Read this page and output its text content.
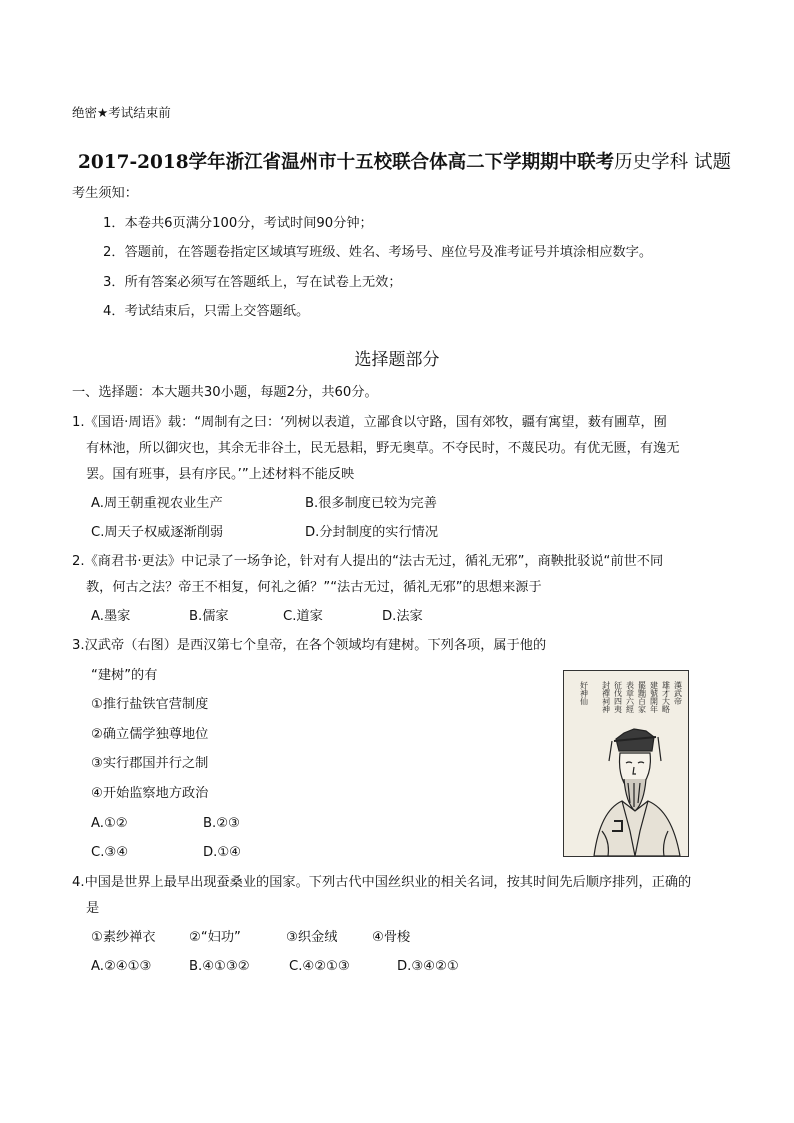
绝密★考试结束前
2017-2018学年浙江省温州市十五校联合体高二下学期期中联考历史学科 试题
考生须知：
1．本卷共6页满分100分，考试时间90分钟；
2．答题前，在答题卷指定区域填写班级、姓名、考场号、座位号及准考证号并填涂相应数字。
3．所有答案必须写在答题纸上，写在试卷上无效；
4．考试结束后，只需上交答题纸。
选择题部分
一、选择题：本大题共30小题，每题2分，共60分。
1.《国语·周语》载：“周制有之曰：‘列树以表道，立鄙食以守路，国有郊牧，疆有寓望，薮有圃草，囿
有林池，所以御灾也，其余无非谷土，民无悬耜，野无奥草。不夺民时，不蔑民功。有优无匮，有逸无
罢。国有班事，县有序民。’”上述材料不能反映
A.周王朝重视农业生产	B.很多制度已较为完善
C.周天子权威逐渐削弱	D.分封制度的实行情况
2.《商君书·更法》中记录了一场争论，针对有人提出的“法古无过，循礼无邪”，商鞅批驳说“前世不同
教，何古之法？帝王不相复，何礼之循？”“法古无过，循礼无邪”的思想来源于
A.墨家	B.儒家	C.道家	D.法家
3.汉武帝（右图）是西汉第七个皇帝，在各个领域均有建树。下列各项，属于他的
“建树”的有
①推行盐铁官营制度
②确立儒学独尊地位
③实行郡国并行之制
④开始监察地方政治
A.①②	B.②③
C.③④	D.①④
漢武帝
雄才大略
建號開年
罷黜百家
表章六經
征伐四夷
封禪祠神
好神仙
4.中国是世界上最早出现蚕桑业的国家。下列古代中国丝织业的相关名词，按其时间先后顺序排列，正确的
是
①素纱禅衣	②“妇功”	③织金绒	④骨梭
A.②④①③	B.④①③②	C.④②①③	D.③④②①
